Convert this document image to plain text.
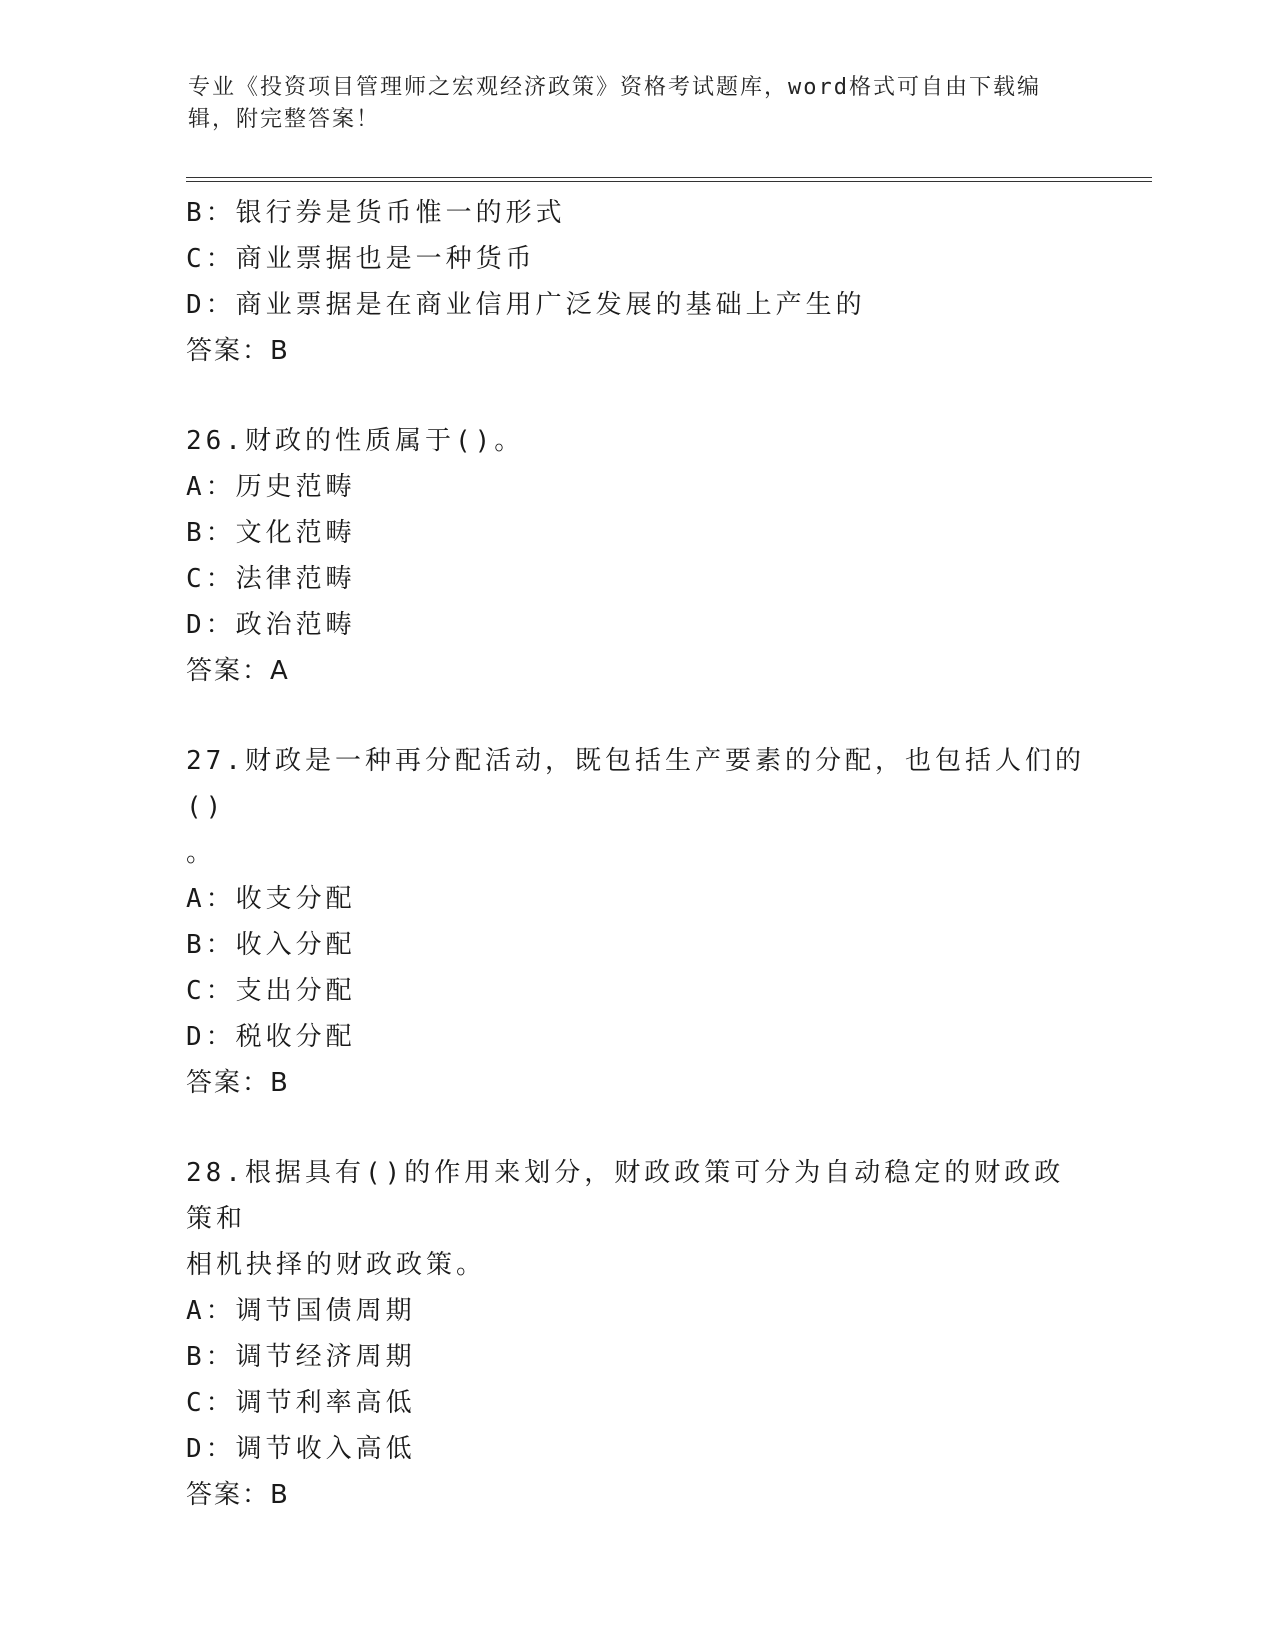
专业《投资项目管理师之宏观经济政策》资格考试题库，word格式可自由下载编
辑，附完整答案！
B：银行券是货币惟一的形式
C：商业票据也是一种货币
D：商业票据是在商业信用广泛发展的基础上产生的
答案：B
26.财政的性质属于()。
A：历史范畴
B：文化范畴
C：法律范畴
D：政治范畴
答案：A
27.财政是一种再分配活动，既包括生产要素的分配，也包括人们的()
。
A：收支分配
B：收入分配
C：支出分配
D：税收分配
答案：B
28.根据具有()的作用来划分，财政政策可分为自动稳定的财政政策和
相机抉择的财政政策。
A：调节国债周期
B：调节经济周期
C：调节利率高低
D：调节收入高低
答案：B
